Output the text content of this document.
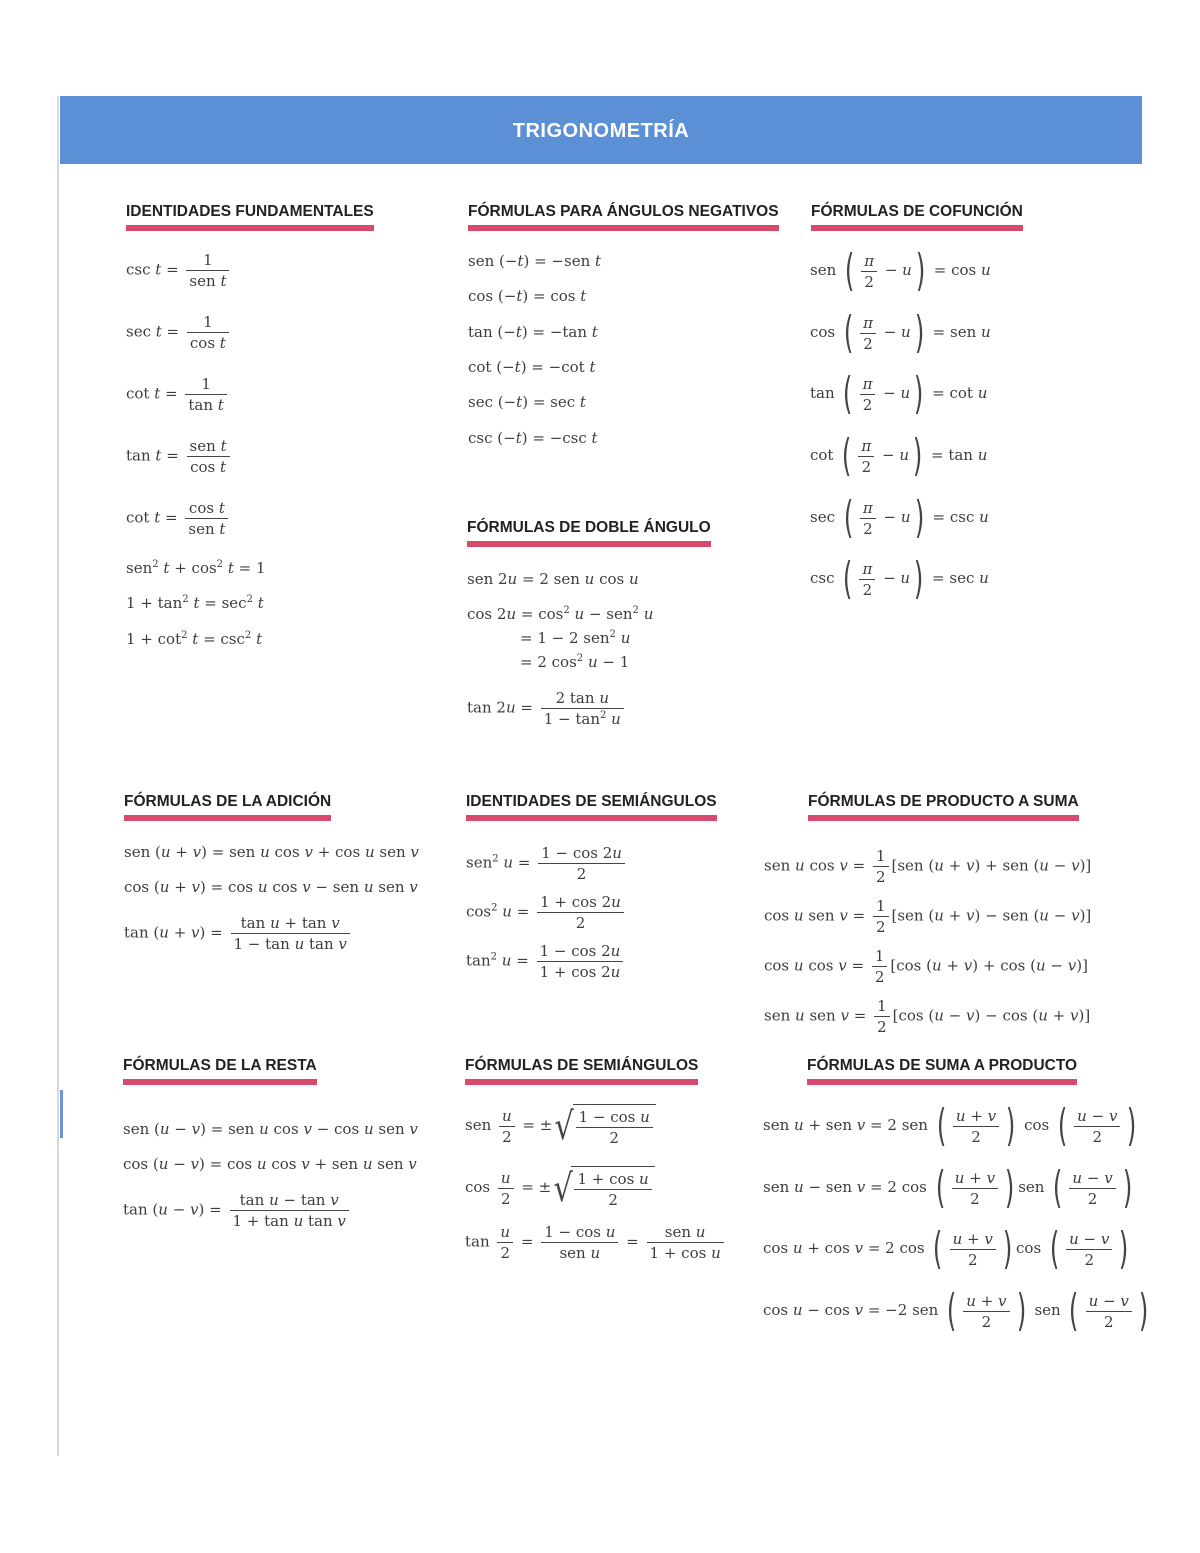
TRIGONOMETRÍA
IDENTIDADES FUNDAMENTALES	FÓRMULAS PARA ÁNGULOS NEGATIVOS FÓRMULAS DE COFUNCIÓN
FÓRMULAS DE DOBLE ÁNGULO
FÓRMULAS DE LA ADICIÓN	IDENTIDADES DE SEMIÁNGULOS	FÓRMULAS DE PRODUCTO A SUMA
FÓRMULAS DE LA RESTA	FÓRMULAS DE SEMIÁNGULOS	FÓRMULAS DE SUMA A PRODUCTO
csc t =
1
sen t
$\sec t = \frac{1}{\text{cos t}}$
$\cot t = \frac{1}{\text{tan t}}$
tan t =
sen t
cos t
cot t =
cos t
sen t
sen$^2$ $t + \cos^2 t = 1$
$1 + \tan^2 t = \sec^2 t$
$1 + \cot^2 t = \csc^2 t$
sen (−t) = −sen t
cos (−t) = cos t
tan (−t) = −tan t
cot (−t) = −cot t
sec (−t) = sec t
csc (−t) = −csc t
sen ( $\frac{\pi}{2} - u) = \cos u$
cos ( $\frac{\pi}{2} - u$) = sen u
tan ( $\frac{\pi}{2} - u) = \cot u$
cot ( $\frac{\pi}{2} - u) = \tan u$
sec ( $\frac{\pi}{2} - u) = \csc u$
csc ( $\frac{\pi}{2} - u) = \sec u$
sen 2u = 2 sen u cos u
$\cos 2u = \cos^2 u - sen^2$ u
= 1 − 2 sen$^2$ u
= 2 $\cos^2 u - 1$
$\tan 2u = \frac{\text{2 tan u}}{1 - \tan^2 u}$
sen (u + v) = sen u cos v + cos u sen v
cos (u + v) = cos u cos v − sen u sen v
$\tan (u + v) = \frac{\text{tan u + tan v}}{\text{1 − tan u tan v}}$
sen$^2$ $u = \frac{1 - \cos 2u}{2}$
$\cos^2 u = \frac{1 + \cos 2u}{2}$
$\tan^2 u = \frac{1 - \cos 2u}{1 + \cos 2u}$
sen u $\cos v = \frac{1}{2} [sen$ (u + v) + sen (u − v)]
cos u sen $v = \frac{1}{2} [sen$ (u + v) − sen (u − v)]
cos u $\cos v = \frac{1}{2} [\cos$ (u + v) + cos (u − v)]
sen u sen $v = \frac{1}{2} [\cos$ (u − v) − cos (u + v)]
sen (u − v) = sen u cos v − cos u sen v
cos (u − v) = cos u cos v + sen u sen v
$\tan (u - v) = \frac{\text{tan u − tan v}}{\text{1 + tan u tan v}}$
sen $\frac{u}{2}$ = ±√ $\frac{\text{1 − cos u}}{2}$
$\cos \frac{u}{2}$ = ±√ $\frac{\text{1 + cos u}}{2}$
$\tan \frac{u}{2}$ =
1 − cos u
sen u
=
sen u
1 + cos u
sen u + sen v = 2 sen ( $\frac{u + v}{2}$ ) cos ( $\frac{u - v}{2}$ )
sen u − sen v = 2 cos ( $\frac{u + v}{2}$ ) sen ( $\frac{u - v}{2}$ )
cos u + cos v = 2 cos ( $\frac{u + v}{2}$ ) cos ( $\frac{u - v}{2}$ )
cos u − cos v = −2 sen ( $\frac{u + v}{2}$ ) sen ( $\frac{u - v}{2}$ )
